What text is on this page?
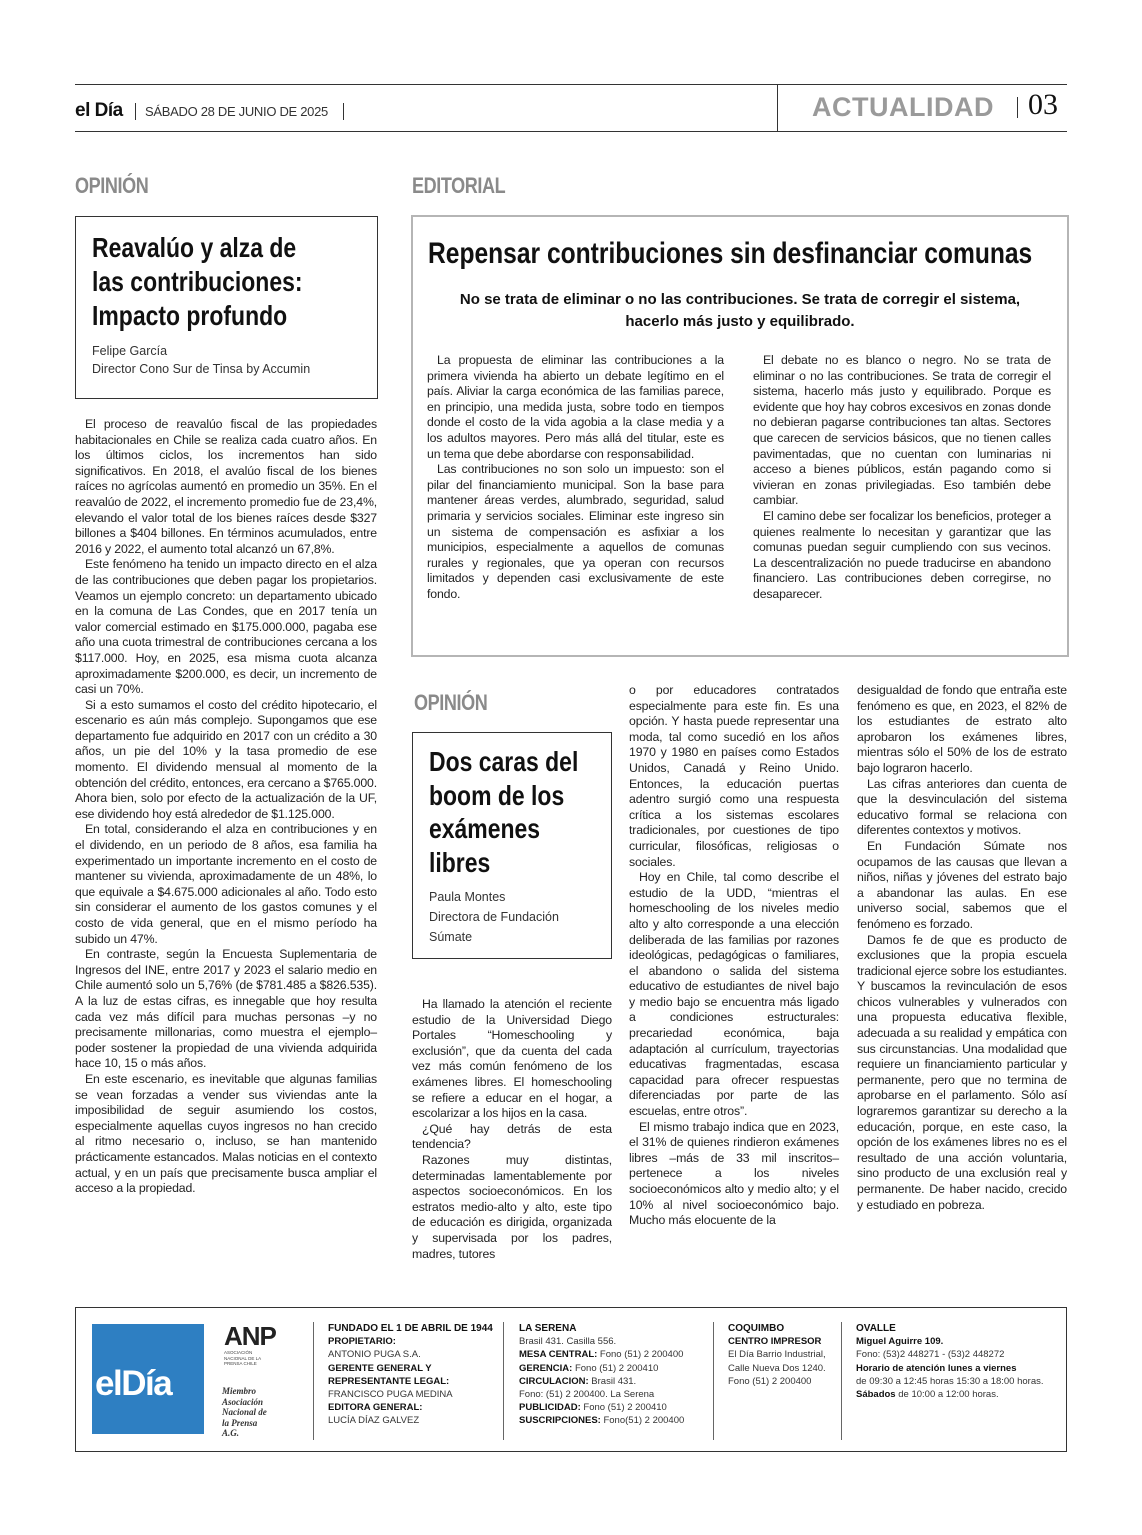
el Día SÁBADO 28 DE JUNIO DE 2025	ACTUALIDAD 03
OPINIÓN
Reavalúo y alza de
las contribuciones:
Impacto profundo
Felipe García
Director Cono Sur de Tinsa by Accumin

El proceso de reavalúo fiscal de las propiedades habitacionales en Chile se realiza cada cuatro años. En los últimos ciclos, los incrementos han sido significativos. En 2018, el avalúo fiscal de los bienes raíces no agrícolas aumentó en promedio un 35%. En el reavalúo de 2022, el incremento promedio fue de 23,4%, elevando el valor total de los bienes raíces desde $327 billones a $404 billones. En términos acumulados, entre 2016 y 2022, el aumento total alcanzó un 67,8%.

Este fenómeno ha tenido un impacto directo en el alza de las contribuciones que deben pagar los propietarios. Veamos un ejemplo concreto: un departamento ubicado en la comuna de Las Condes, que en 2017 tenía un valor comercial estimado en $175.000.000, pagaba ese año una cuota trimestral de contribuciones cercana a los $117.000. Hoy, en 2025, esa misma cuota alcanza aproximadamente $200.000, es decir, un incremento de casi un 70%.

Si a esto sumamos el costo del crédito hipotecario, el escenario es aún más complejo. Supongamos que ese departamento fue adquirido en 2017 con un crédito a 30 años, un pie del 10% y la tasa promedio de ese momento. El dividendo mensual al momento de la obtención del crédito, entonces, era cercano a $765.000. Ahora bien, solo por efecto de la actualización de la UF, ese dividendo hoy está alrededor de $1.125.000.

En total, considerando el alza en contribuciones y en el dividendo, en un periodo de 8 años, esa familia ha experimentado un importante incremento en el costo de mantener su vivienda, aproximadamente de un 48%, lo que equivale a $4.675.000 adicionales al año. Todo esto sin considerar el aumento de los gastos comunes y el costo de vida general, que en el mismo período ha subido un 47%.

En contraste, según la Encuesta Suplementaria de Ingresos del INE, entre 2017 y 2023 el salario medio en Chile aumentó solo un 5,76% (de $781.485 a $826.535). A la luz de estas cifras, es innegable que hoy resulta cada vez más difícil para muchas personas –y no precisamente millonarias, como muestra el ejemplo– poder sostener la propiedad de una vivienda adquirida hace 10, 15 o más años.

En este escenario, es inevitable que algunas familias se vean forzadas a vender sus viviendas ante la imposibilidad de seguir asumiendo los costos, especialmente aquellas cuyos ingresos no han crecido al ritmo necesario o, incluso, se han mantenido prácticamente estancados. Malas noticias en el contexto actual, y en un país que precisamente busca ampliar el acceso a la propiedad.

EDITORIAL
Repensar contribuciones sin desfinanciar comunas
No se trata de eliminar o no las contribuciones. Se trata de corregir el sistema,
hacerlo más justo y equilibrado.

La propuesta de eliminar las contribuciones a la primera vivienda ha abierto un debate legítimo en el país. Aliviar la carga económica de las familias parece, en principio, una medida justa, sobre todo en tiempos donde el costo de la vida agobia a la clase media y a los adultos mayores. Pero más allá del titular, este es un tema que debe abordarse con responsabilidad.

Las contribuciones no son solo un impuesto: son el pilar del financiamiento municipal. Son la base para mantener áreas verdes, alumbrado, seguridad, salud primaria y servicios sociales. Eliminar este ingreso sin un sistema de compensación es asfixiar a los municipios, especialmente a aquellos de comunas rurales y regionales, que ya operan con recursos limitados y dependen casi exclusivamente de este fondo.

El debate no es blanco o negro. No se trata de eliminar o no las contribuciones. Se trata de corregir el sistema, hacerlo más justo y equilibrado. Porque es evidente que hoy hay cobros excesivos en zonas donde no debieran pagarse contribuciones tan altas. Sectores que carecen de servicios básicos, que no tienen calles pavimentadas, que no cuentan con luminarias ni acceso a bienes públicos, están pagando como si vivieran en zonas privilegiadas. Eso también debe cambiar.

El camino debe ser focalizar los beneficios, proteger a quienes realmente lo necesitan y garantizar que las comunas puedan seguir cumpliendo con sus vecinos. La descentralización no puede traducirse en abandono financiero. Las contribuciones deben corregirse, no desaparecer.

OPINIÓN
Dos caras del
boom de los
exámenes
libres
Paula Montes
Directora de Fundación
Súmate

Ha llamado la atención el reciente estudio de la Universidad Diego Portales “Homeschooling y exclusión”, que da cuenta del cada vez más común fenómeno de los exámenes libres. El homeschooling se refiere a educar en el hogar, a escolarizar a los hijos en la casa.

¿Qué hay detrás de esta tendencia?

Razones muy distintas, determinadas lamentablemente por aspectos socioeconómicos. En los estratos medio-alto y alto, este tipo de educación es dirigida, organizada y supervisada por los padres, madres, tutores

o por educadores contratados especialmente para este fin. Es una opción. Y hasta puede representar una moda, tal como sucedió en los años 1970 y 1980 en países como Estados Unidos, Canadá y Reino Unido. Entonces, la educación puertas adentro surgió como una respuesta crítica a los sistemas escolares tradicionales, por cuestiones de tipo curricular, filosóficas, religiosas o sociales.

Hoy en Chile, tal como describe el estudio de la UDD, “mientras el homeschooling de los niveles medio alto y alto corresponde a una elección deliberada de las familias por razones ideológicas, pedagógicas o familiares, el abandono o salida del sistema educativo de estudiantes de nivel bajo y medio bajo se encuentra más ligado a condiciones estructurales: precariedad económica, baja adaptación al currículum, trayectorias educativas fragmentadas, escasa capacidad para ofrecer respuestas diferenciadas por parte de las escuelas, entre otros”.

El mismo trabajo indica que en 2023, el 31% de quienes rindieron exámenes libres –más de 33 mil inscritos– pertenece a los niveles socioeconómicos alto y medio alto; y el 10% al nivel socioeconómico bajo. Mucho más elocuente de la

desigualdad de fondo que entraña este fenómeno es que, en 2023, el 82% de los estudiantes de estrato alto aprobaron los exámenes libres, mientras sólo el 50% de los de estrato bajo lograron hacerlo.

Las cifras anteriores dan cuenta de que la desvinculación del sistema educativo formal se relaciona con diferentes contextos y motivos.

En Fundación Súmate nos ocupamos de las causas que llevan a niños, niñas y jóvenes del estrato bajo a abandonar las aulas. En ese universo social, sabemos que el fenómeno es forzado.

Damos fe de que es producto de exclusiones que la propia escuela tradicional ejerce sobre los estudiantes. Y buscamos la revinculación de esos chicos vulnerables y vulnerados con una propuesta educativa flexible, adecuada a su realidad y empática con sus circunstancias. Una modalidad que requiere un financiamiento particular y permanente, pero que no termina de aprobarse en el parlamento. Sólo así lograremos garantizar su derecho a la educación, porque, en este caso, la opción de los exámenes libres no es el resultado de una acción voluntaria, sino producto de una exclusión real y permanente. De haber nacido, crecido y estudiado en pobreza.

elDía
ANP
ASOCIACIÓN NACIONAL DE LA PRENSA CHILE
Miembro
Asociación
Nacional de
la Prensa
A.G.
FUNDADO EL 1 DE ABRIL DE 1944
PROPIETARIO:
ANTONIO PUGA S.A.
GERENTE GENERAL Y
REPRESENTANTE LEGAL:
FRANCISCO PUGA MEDINA
EDITORA GENERAL:
LUCÍA DÍAZ GALVEZ
LA SERENA
Brasil 431. Casilla 556.
MESA CENTRAL: Fono (51) 2 200400
GERENCIA: Fono (51) 2 200410
CIRCULACION: Brasil 431.
Fono: (51) 2 200400. La Serena
PUBLICIDAD: Fono (51) 2 200410
SUSCRIPCIONES: Fono(51) 2 200400
COQUIMBO
CENTRO IMPRESOR
El Día Barrio Industrial,
Calle Nueva Dos 1240.
Fono (51) 2 200400
OVALLE
Miguel Aguirre 109.
Fono: (53)2 448271 - (53)2 448272
Horario de atención lunes a viernes
de 09:30 a 12:45 horas 15:30 a 18:00 horas.
Sábados de 10:00 a 12:00 horas.
